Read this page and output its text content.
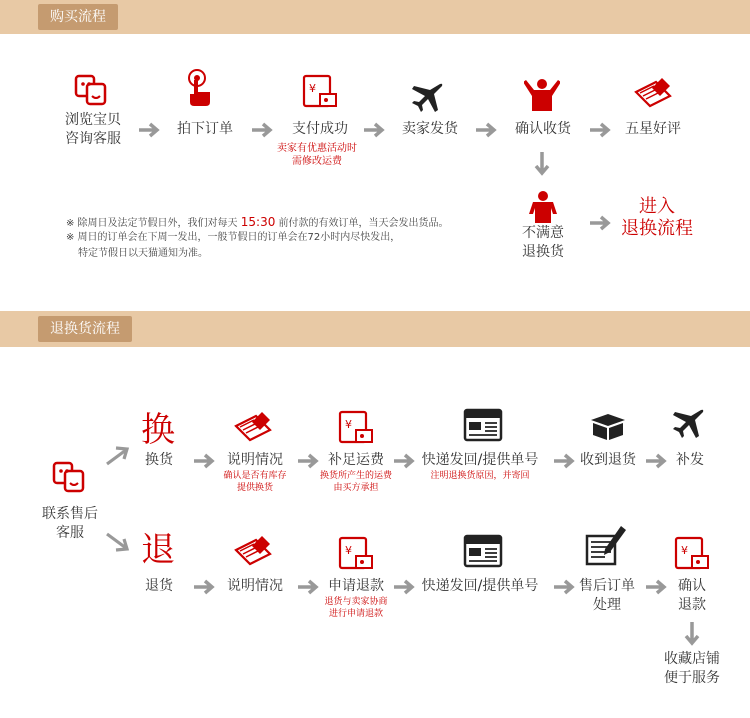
购买流程
浏览宝贝
咨询客服
拍下订单
¥
支付成功
卖家有优惠活动时
需修改运费
卖家发货	确认收货	五星好评
不满意
退换货
进入
退换流程
※ 除周日及法定节假日外，我们对每天 15:30 前付款的有效订单，当天会发出货品。
※ 周日的订单会在下周一发出，一般节假日的订单会在72小时内尽快发出，
特定节假日以天猫通知为准。
退换货流程
联系售后
客服
换
换货	说明情况
确认是否有库存
提供换货
¥
补足运费
换货所产生的运费
由买方承担
快递发回/提供单号
注明退换货原因，并寄回
收到退货	补发
退
退货	说明情况
¥
申请退款
退货与卖家协商
进行申请退款
快递发回/提供单号	售后订单
处理
¥
确认
退款
收藏店铺
便于服务
